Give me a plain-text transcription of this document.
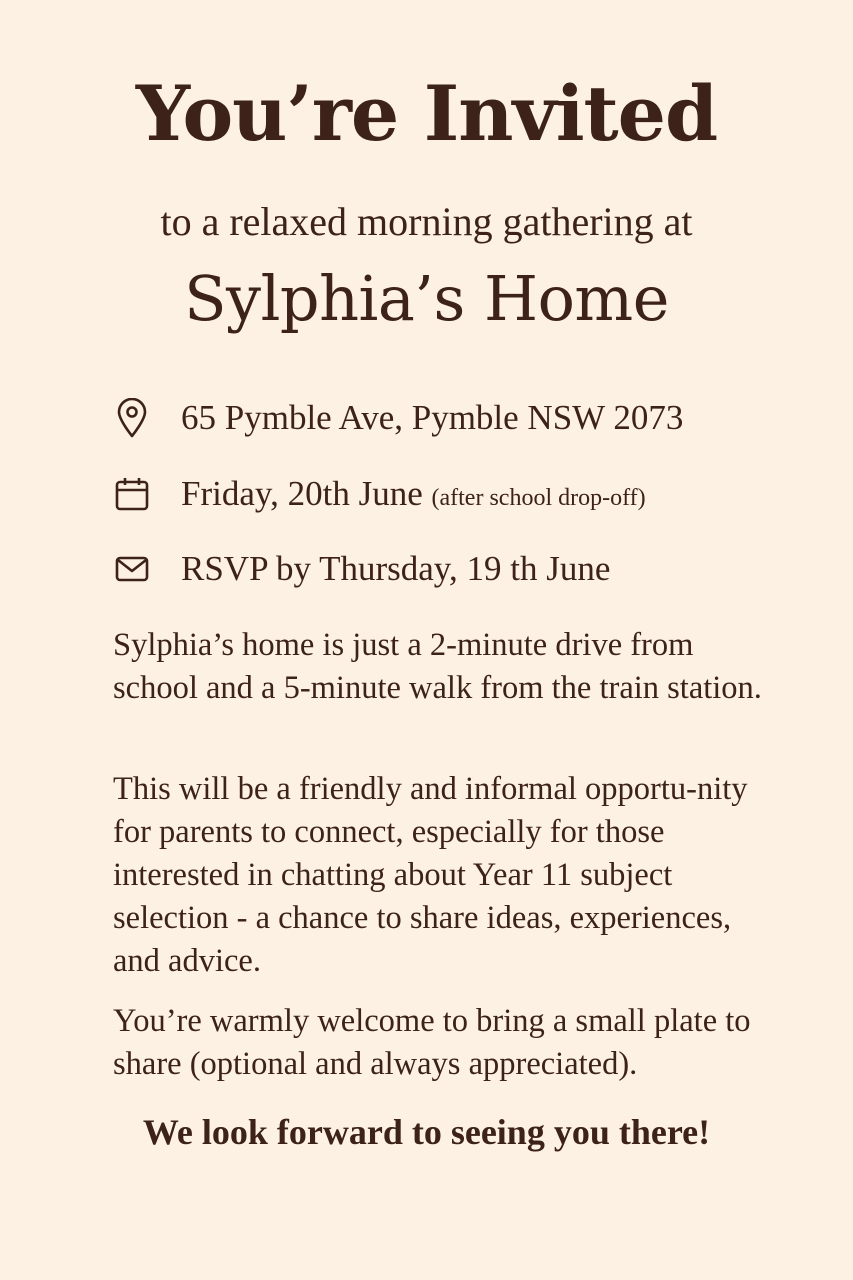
You’re Invited

to a relaxed morning gathering at

Sylphia’s Home
65 Pymble Ave, Pymble NSW 2073
Friday, 20th June (after school drop-off)
RSVP by Thursday, 19 th June

Sylphia’s home is just a 2-minute drive from school and a 5-minute walk from the train station.

This will be a friendly and informal opportu-nity for parents to connect, especially for those interested in chatting about Year 11 subject selection - a chance to share ideas, experiences, and advice.

You’re warmly welcome to bring a small plate to share (optional and always appreciated).

We look forward to seeing you there!
